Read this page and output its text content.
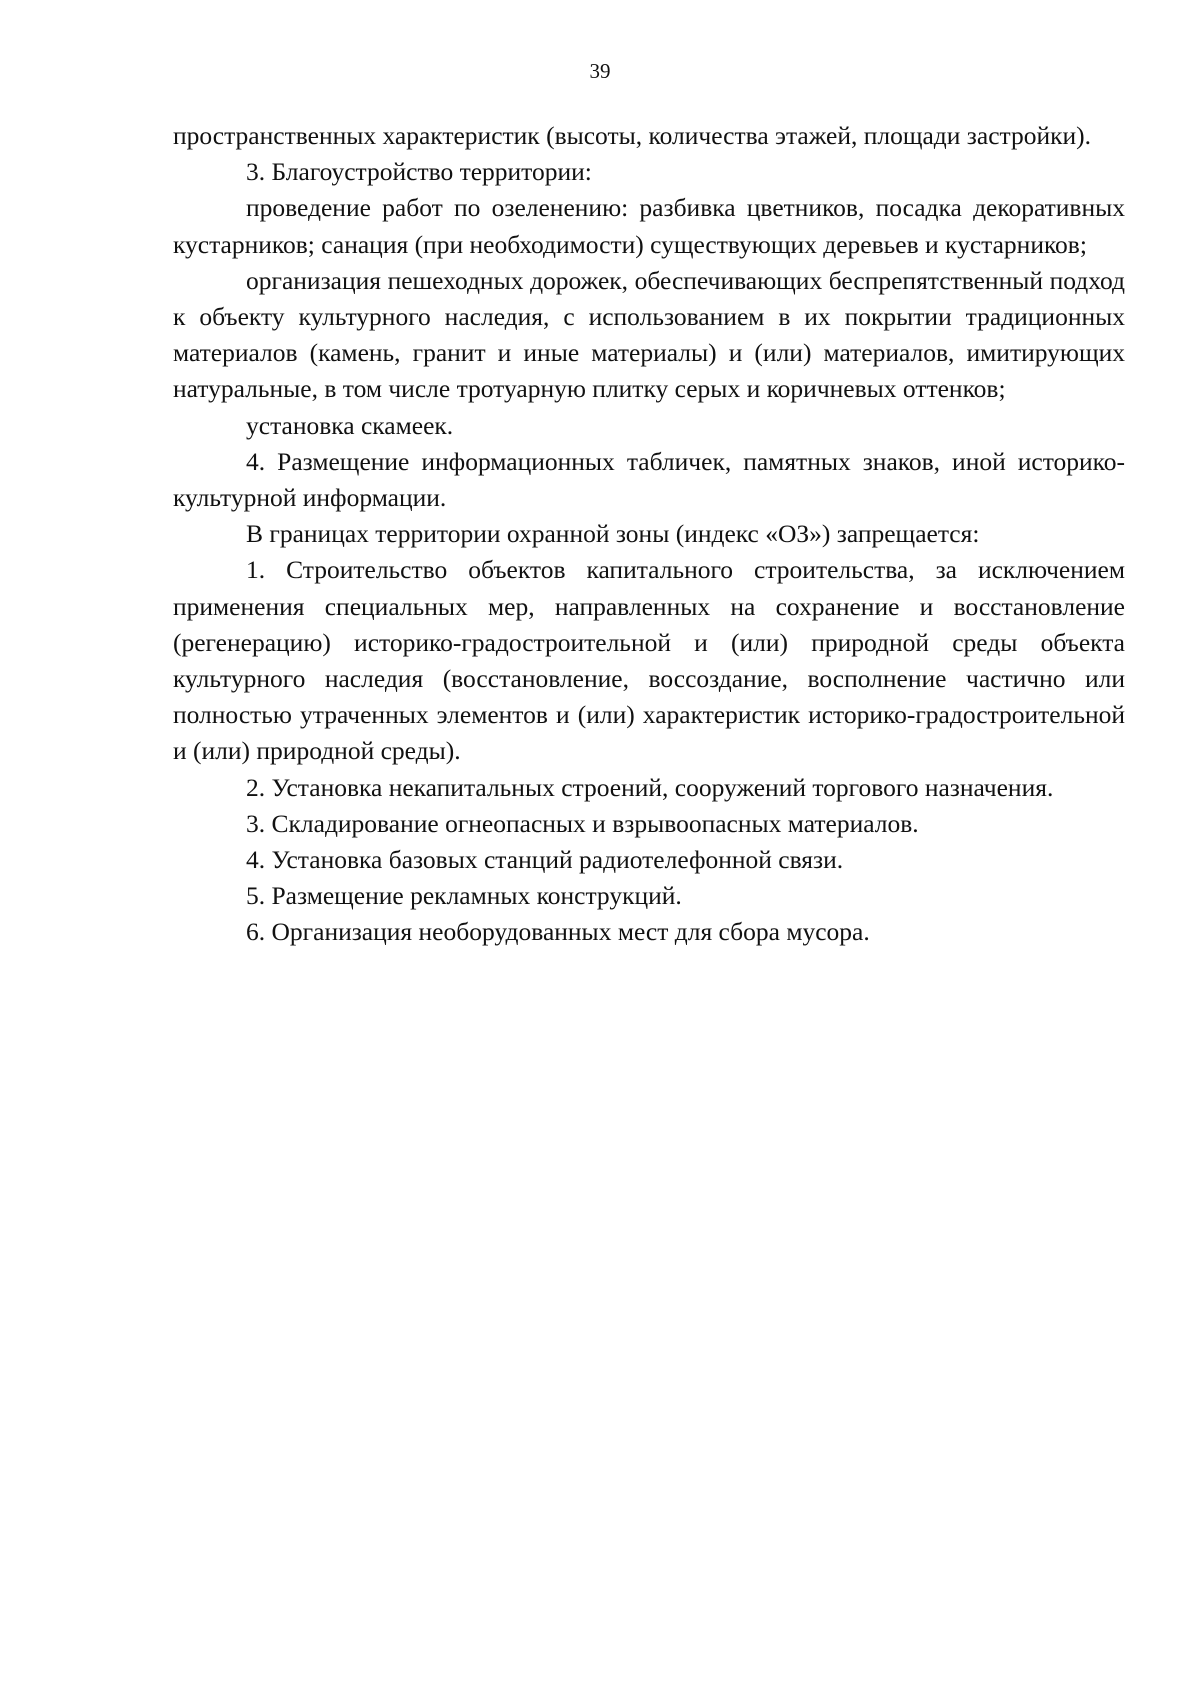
39

пространственных характеристик (высоты, количества этажей, площади застройки).

3. Благоустройство территории:

проведение работ по озеленению: разбивка цветников, посадка декоративных кустарников; санация (при необходимости) существующих деревьев и кустарников;

организация пешеходных дорожек, обеспечивающих беспрепятственный подход к объекту культурного наследия, с использованием в их покрытии традиционных материалов (камень, гранит и иные материалы) и (или) материалов, имитирующих натуральные, в том числе тротуарную плитку серых и коричневых оттенков;

установка скамеек.

4. Размещение информационных табличек, памятных знаков, иной историко-культурной информации.

В границах территории охранной зоны (индекс «ОЗ») запрещается:

1. Строительство объектов капитального строительства, за исключением применения специальных мер, направленных на сохранение и восстановление (регенерацию) историко-градостроительной и (или) природной среды объекта культурного наследия (восстановление, воссоздание, восполнение частично или полностью утраченных элементов и (или) характеристик историко-градостроительной и (или) природной среды).

2. Установка некапитальных строений, сооружений торгового назначения.

3. Складирование огнеопасных и взрывоопасных материалов.

4. Установка базовых станций радиотелефонной связи.

5. Размещение рекламных конструкций.

6. Организация необорудованных мест для сбора мусора.
